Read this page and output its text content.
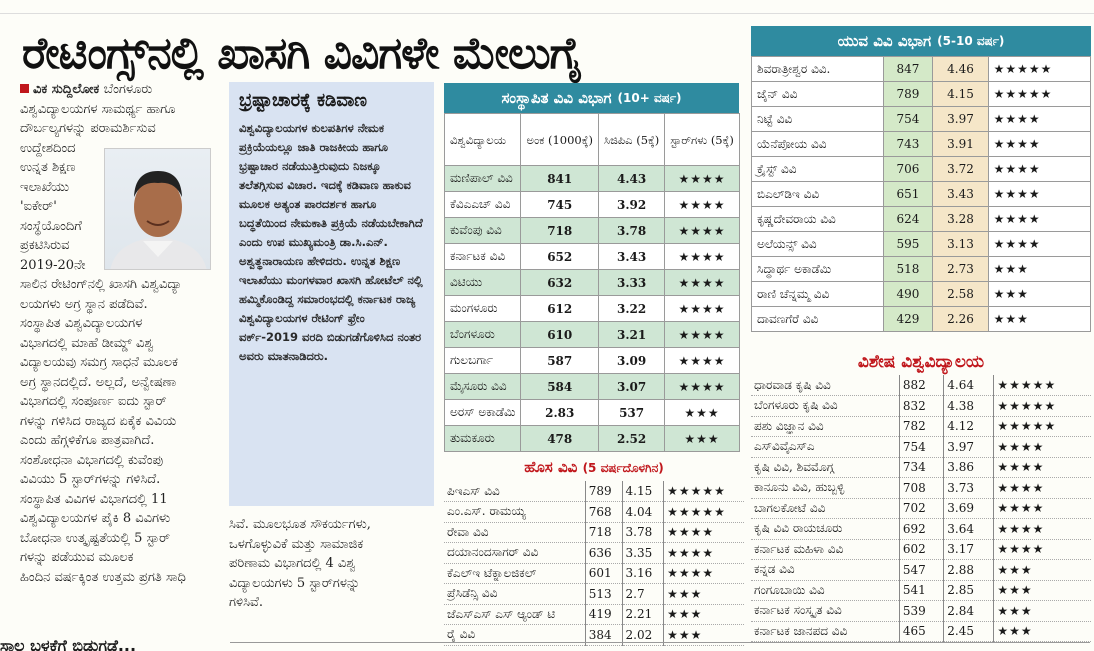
ರೇಟಿಂಗ್ಸ್‌ನಲ್ಲಿ ಖಾಸಗಿ ವಿವಿಗಳೇ ಮೇಲುಗೈ
ವಿಕ ಸುದ್ದಿಲೋಕ ಬೆಂಗಳೂರು
ವಿಶ್ವವಿದ್ಯಾಲಯಗಳ ಸಾಮರ್ಥ್ಯ ಹಾಗೂ
ದೌರ್ಬಲ್ಯಗಳನ್ನು ಪರಾಮರ್ಶಿಸುವ
ಉದ್ದೇಶದಿಂದ
ಉನ್ನತ ಶಿಕ್ಷಣ
ಇಲಾಖೆಯು
'ಐಕೇರ್'
ಸಂಸ್ಥೆಯೊಂದಿಗೆ
ಪ್ರಕಟಿಸಿರುವ
2019-20ನೇ
ಸಾಲಿನ ರೇಟಿಂಗ್‌ನಲ್ಲಿ ಖಾಸಗಿ ವಿಶ್ವವಿದ್ಯಾ
ಲಯಗಳು ಅಗ್ರ ಸ್ಥಾನ ಪಡೆದಿವೆ.
ಸಂಸ್ಥಾಪಿತ ವಿಶ್ವವಿದ್ಯಾಲಯಗಳ
ವಿಭಾಗದಲ್ಲಿ ಮಾಹೆ ಡೀಮ್ಡ್ ವಿಶ್ವ
ವಿದ್ಯಾಲಯವು ಸಮಗ್ರ ಸಾಧನೆ ಮೂಲಕ
ಅಗ್ರ ಸ್ಥಾನದಲ್ಲಿದೆ. ಅಲ್ಲದೆ, ಅನ್ವೇಷಣಾ
ವಿಭಾಗದಲ್ಲಿ ಸಂಪೂರ್ಣ ಐದು ಸ್ಟಾರ್
ಗಳನ್ನು ಗಳಿಸಿದ ರಾಜ್ಯದ ಏಕೈಕ ವಿವಿಯ
ಎಂದು ಹೆಗ್ಗಳಿಕೆಗೂ ಪಾತ್ರವಾಗಿದೆ.
ಸಂಶೋಧನಾ ವಿಭಾಗದಲ್ಲಿ ಕುವೆಂಪು
ವಿವಿಯು 5 ಸ್ಟಾರ್‌ಗಳನ್ನು ಗಳಿಸಿದೆ.
ಸಂಸ್ಥಾಪಿತ ವಿವಿಗಳ ವಿಭಾಗದಲ್ಲಿ 11
ವಿಶ್ವವಿದ್ಯಾಲಯಗಳ ಪೈಕಿ 8 ವಿವಿಗಳು
ಬೋಧನಾ ಉತ್ಕೃಷ್ಟತೆಯಲ್ಲಿ 5 ಸ್ಟಾರ್
ಗಳನ್ನು ಪಡೆಯುವ ಮೂಲಕ
ಹಿಂದಿನ ವರ್ಷಕ್ಕಿಂತ ಉತ್ತಮ ಪ್ರಗತಿ ಸಾಧಿ
ಭ್ರಷ್ಟಾಚಾರಕ್ಕೆ ಕಡಿವಾಣ

ವಿಶ್ವವಿದ್ಯಾಲಯಗಳ ಕುಲಪತಿಗಳ ನೇಮಕ ಪ್ರಕ್ರಿಯೆಯಲ್ಲೂ ಜಾತಿ ರಾಜಕೀಯ ಹಾಗೂ ಭ್ರಷ್ಟಾಚಾರ ನಡೆಯುತ್ತಿರುವುದು ನಿಜಕ್ಕೂ ತಲೆತಗ್ಗಿಸುವ ವಿಚಾರ. ಇದಕ್ಕೆ ಕಡಿವಾಣ ಹಾಕುವ ಮೂಲಕ ಅತ್ಯಂತ ಪಾರದರ್ಶಕ ಹಾಗೂ ಬದ್ಧತೆಯಿಂದ ನೇಮಕಾತಿ ಪ್ರಕ್ರಿಯೆ ನಡೆಯಬೇಕಾಗಿದೆ ಎಂದು ಉಪ ಮುಖ್ಯಮಂತ್ರಿ ಡಾ.ಸಿ.ಎನ್. ಅಶ್ವತ್ಥನಾರಾಯಣ ಹೇಳಿದರು. ಉನ್ನತ ಶಿಕ್ಷಣ ಇಲಾಖೆಯು ಮಂಗಳವಾರ ಖಾಸಗಿ ಹೋಟೆಲ್ ನಲ್ಲಿ ಹಮ್ಮಿಕೊಂಡಿದ್ದ ಸಮಾರಂಭದಲ್ಲಿ ಕರ್ನಾಟಕ ರಾಜ್ಯ ವಿಶ್ವವಿದ್ಯಾಲಯಗಳ ರೇಟಿಂಗ್ ಫ್ರೇಂ ವರ್ಕ್-2019 ವರದಿ ಬಿಡುಗಡೆಗೊಳಿಸಿದ ನಂತರ ಅವರು ಮಾತನಾಡಿದರು.

ಸಿವೆ. ಮೂಲಭೂತ ಸೌಕರ್ಯಗಳು,
ಒಳಗೊಳ್ಳುವಿಕೆ ಮತ್ತು ಸಾಮಾಜಿಕ
ಪರಿಣಾಮ ವಿಭಾಗದಲ್ಲಿ 4 ವಿಶ್ವ
ವಿದ್ಯಾಲಯಗಳು 5 ಸ್ಟಾರ್‌ಗಳನ್ನು
ಗಳಿಸಿವೆ.
ಸಂಸ್ಥಾಪಿತ ವಿವಿ ವಿಭಾಗ (10+ ವರ್ಷ)
ವಿಶ್ವವಿದ್ಯಾಲಯ	ಅಂಕ (1000ಕ್ಕೆ)	ಸಿಜಿಪಿಎ (5ಕ್ಕೆ)	ಸ್ಟಾರ್‌ಗಳು (5ಕ್ಕೆ)
ಮಣಿಪಾಲ್ ವಿವಿ	841	4.43	★★★★
ಕೆವಿಎಎಚ್ ವಿವಿ	745	3.92	★★★★
ಕುವೆಂಪು ವಿವಿ	718	3.78	★★★★
ಕರ್ನಾಟಕ ವಿವಿ	652	3.43	★★★★
ವಿಟಿಯು	632	3.33	★★★★
ಮಂಗಳೂರು	612	3.22	★★★★
ಬೆಂಗಳೂರು	610	3.21	★★★★
ಗುಲಬರ್ಗಾ	587	3.09	★★★★
ಮೈಸೂರು ವಿವಿ	584	3.07	★★★★
ಅರಸ್ ಅಕಾಡೆಮಿ	2.83	537	★★★
ತುಮಕೂರು	478	2.52	★★★
ಯುವ ವಿವಿ ವಿಭಾಗ (5-10 ವರ್ಷ)
ಶಿವರಾತ್ರೀಶ್ವರ ವಿವಿ.	847	4.46	★★★★★
ಜೈನ್ ವಿವಿ	789	4.15	★★★★★
ನಿಟ್ಟೆ ವಿವಿ	754	3.97	★★★★
ಯೆನೆಪೋಯ ವಿವಿ	743	3.91	★★★★
ಕ್ರೈಸ್ಟ್ ವಿವಿ	706	3.72	★★★★
ಬಿಎಲ್‌ಡಿಇ ವಿವಿ	651	3.43	★★★★
ಕೃಷ್ಣದೇವರಾಯ ವಿವಿ	624	3.28	★★★★
ಅಲೆಯನ್ಸ್ ವಿವಿ	595	3.13	★★★★
ಸಿದ್ಧಾರ್ಥ ಅಕಾಡೆಮಿ	518	2.73	★★★
ರಾಣಿ ಚೆನ್ನಮ್ಮ ವಿವಿ	490	2.58	★★★
ದಾವಣಗೆರೆ ವಿವಿ	429	2.26	★★★
ವಿಶೇಷ ವಿಶ್ವವಿದ್ಯಾಲಯ
ಧಾರವಾಡ ಕೃಷಿ ವಿವಿ	882	4.64	★★★★★
ಬೆಂಗಳೂರು ಕೃಷಿ ವಿವಿ	832	4.38	★★★★★
ಪಶು ವಿಜ್ಞಾನ ವಿವಿ	782	4.12	★★★★★
ಎಸ್‌ವಿವೈಎಸ್‌ಎ	754	3.97	★★★★
ಕೃಷಿ ವಿವಿ, ಶಿವಮೊಗ್ಗ	734	3.86	★★★★
ಕಾನೂನು ವಿವಿ, ಹುಬ್ಬಳ್ಳಿ	708	3.73	★★★★
ಬಾಗಲಕೋಟೆ ವಿವಿ	702	3.69	★★★★
ಕೃಷಿ ವಿವಿ ರಾಯಚೂರು	692	3.64	★★★★
ಕರ್ನಾಟಕ ಮಹಿಳಾ ವಿವಿ	602	3.17	★★★★
ಕನ್ನಡ ವಿವಿ	547	2.88	★★★
ಗಂಗೂಬಾಯಿ ವಿವಿ	541	2.85	★★★
ಕರ್ನಾಟಕ ಸಂಸ್ಕೃತ ವಿವಿ	539	2.84	★★★
ಕರ್ನಾಟಕ ಜಾನಪದ ವಿವಿ	465	2.45	★★★
ಹೊಸ ವಿವಿ (5 ವರ್ಷದೊಳಗಿನ)
ಪಿಇಎಸ್ ವಿವಿ	789	4.15	★★★★★
ಎಂ.ಎಸ್. ರಾಮಯ್ಯ	768	4.04	★★★★★
ರೇವಾ ವಿವಿ	718	3.78	★★★★
ದಯಾನಂದಸಾಗರ್ ವಿವಿ	636	3.35	★★★★
ಕೆಎಲ್‌ಇ ಟೆಕ್ನಾಲಜಿಕಲ್	601	3.16	★★★★
ಪ್ರೆಸಿಡೆನ್ಸಿ ವಿವಿ	513	2.7	★★★
ಜೆಎಸ್‌ಎಸ್ ಎಸ್ ಆ್ಯಂಡ್ ಟಿ	419	2.21	★★★
ರೈ ವಿವಿ	384	2.02	★★★
ಸಾಲ ಬಳಕೆಗೆ ಬಿಡುಗಡೆ...
